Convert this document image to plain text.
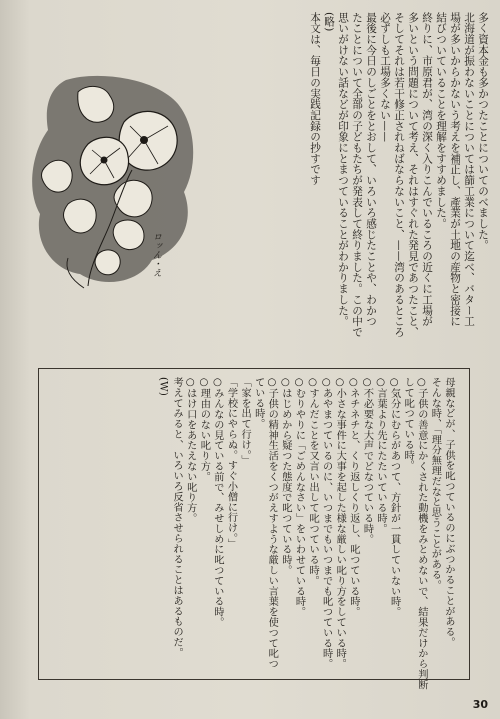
多く資本金も多かつたことについてのべました。
北海道が振わないことについては篩工業について迄べ、バター工
場が多いからかないう考えを補正し、產業が土地の産物と密接に
結びついていることを理解をすすめました。
終りに、市原君が、湾の深く入りこんでいるころの近くに工場が
多いという問題について考え、それはすぐれた発見であつたこと、
そしてそれは若干修正されねばならないこと、——湾のあるところ
必ずしも工場多くない——
最後に今日のしごとをとおして、いろいろ感じたことや、わかつ
たことについて全部の子どもたちが発表して終りました。この中で
思いがけない話などが印象にとまつていることがわかりました。
(略)
本文は、毎日の実践記録の抄すです
ロッん・え
母親などが、子供を叱つているのにぶつかることがある。
そんな時、「理分無理だなと思うことがある。
○子供の善意にかくされた動機をみとめないで、結果だけから判断
して叱つている時。
○気分にむらがあつて、方針が一貫していない時。
○言葉より先にたたいている時。
○不必要な大声でどなつている時。
○ネチネチと、くり返しくり返し、叱つている時。
○小さな事件に大事を起した様な厳しい叱り方をしている時。
○あやまつているのに、いつまでもいつまでも叱つている時。
○すんだことを又言い出して叱つている時。
○むりやりに「ごめんなさい」をいわせている時。
○はじめから疑つた態度で叱つている時。
○子供の精神生活をくつがえすような厳しい言葉を使つて叱つ
ている時。
「家を出て行け。」
「学校にやらぬ。すぐ小僧に行け。」
○みんなの見ている前で、みせしめに叱つている時。
○理由のない叱り方。
○はけ口をあたえない叱り方。
考えてみると、いろいろ反省させられることはあるものだ。
(W)
30
